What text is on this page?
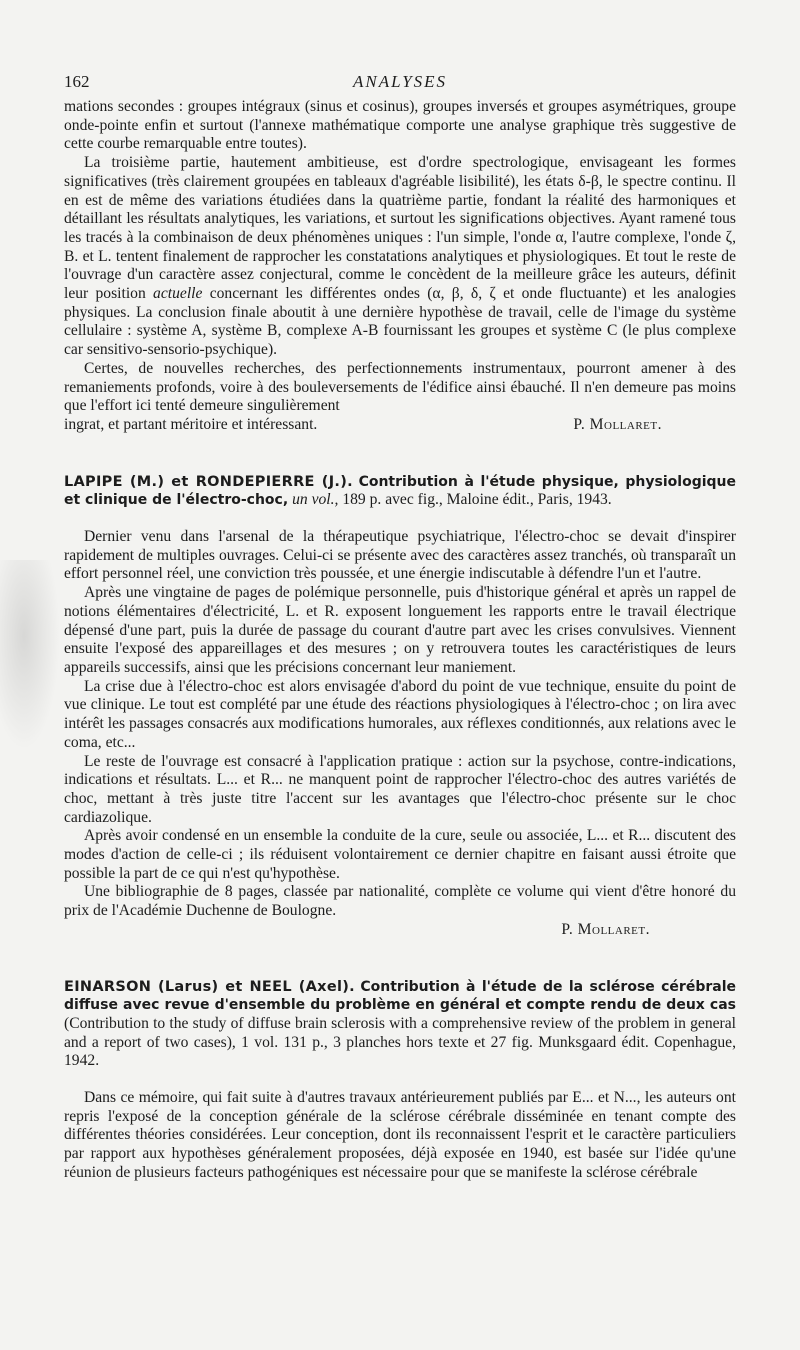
162	ANALYSES

mations secondes : groupes intégraux (sinus et cosinus), groupes inversés et groupes asymétriques, groupe onde-pointe enfin et surtout (l'annexe mathématique comporte une analyse graphique très suggestive de cette courbe remarquable entre toutes).

La troisième partie, hautement ambitieuse, est d'ordre spectrologique, envisageant les formes significatives (très clairement groupées en tableaux d'agréable lisibilité), les états δ-β, le spectre continu. Il en est de même des variations étudiées dans la quatrième partie, fondant la réalité des harmoniques et détaillant les résultats analytiques, les variations, et surtout les significations objectives. Ayant ramené tous les tracés à la combinaison de deux phénomènes uniques : l'un simple, l'onde α, l'autre complexe, l'onde ζ, B. et L. tentent finalement de rapprocher les constatations analytiques et physiologiques. Et tout le reste de l'ouvrage d'un caractère assez conjectural, comme le concèdent de la meilleure grâce les auteurs, définit leur position actuelle concernant les différentes ondes (α, β, δ, ζ et onde fluctuante) et les analogies physiques. La conclusion finale aboutit à une dernière hypothèse de travail, celle de l'image du système cellulaire : système A, système B, complexe A-B fournissant les groupes et système C (le plus complexe car sensitivo-sensorio-psychique).

Certes, de nouvelles recherches, des perfectionnements instrumentaux, pourront amener à des remaniements profonds, voire à des bouleversements de l'édifice ainsi ébauché. Il n'en demeure pas moins que l'effort ici tenté demeure singulièrement

ingrat, et partant méritoire et intéressant.	P. Mollaret.

LAPIPE (M.) et RONDEPIERRE (J.). Contribution à l'étude physique, physiologique et clinique de l'électro-choc, un vol., 189 p. avec fig., Maloine édit., Paris, 1943.

Dernier venu dans l'arsenal de la thérapeutique psychiatrique, l'électro-choc se devait d'inspirer rapidement de multiples ouvrages. Celui-ci se présente avec des caractères assez tranchés, où transparaît un effort personnel réel, une conviction très poussée, et une énergie indiscutable à défendre l'un et l'autre.

Après une vingtaine de pages de polémique personnelle, puis d'historique général et après un rappel de notions élémentaires d'électricité, L. et R. exposent longuement les rapports entre le travail électrique dépensé d'une part, puis la durée de passage du courant d'autre part avec les crises convulsives. Viennent ensuite l'exposé des appareillages et des mesures ; on y retrouvera toutes les caractéristiques de leurs appareils successifs, ainsi que les précisions concernant leur maniement.

La crise due à l'électro-choc est alors envisagée d'abord du point de vue technique, ensuite du point de vue clinique. Le tout est complété par une étude des réactions physiologiques à l'électro-choc ; on lira avec intérêt les passages consacrés aux modifications humorales, aux réflexes conditionnés, aux relations avec le coma, etc...

Le reste de l'ouvrage est consacré à l'application pratique : action sur la psychose, contre-indications, indications et résultats. L... et R... ne manquent point de rapprocher l'électro-choc des autres variétés de choc, mettant à très juste titre l'accent sur les avantages que l'électro-choc présente sur le choc cardiazolique.

Après avoir condensé en un ensemble la conduite de la cure, seule ou associée, L... et R... discutent des modes d'action de celle-ci ; ils réduisent volontairement ce dernier chapitre en faisant aussi étroite que possible la part de ce qui n'est qu'hypothèse.

Une bibliographie de 8 pages, classée par nationalité, complète ce volume qui vient d'être honoré du prix de l'Académie Duchenne de Boulogne.

P. Mollaret.

EINARSON (Larus) et NEEL (Axel). Contribution à l'étude de la sclérose cérébrale diffuse avec revue d'ensemble du problème en général et compte rendu de deux cas (Contribution to the study of diffuse brain sclerosis with a comprehensive review of the problem in general and a report of two cases), 1 vol. 131 p., 3 planches hors texte et 27 fig. Munksgaard édit. Copenhague, 1942.

Dans ce mémoire, qui fait suite à d'autres travaux antérieurement publiés par E... et N..., les auteurs ont repris l'exposé de la conception générale de la sclérose cérébrale disséminée en tenant compte des différentes théories considérées. Leur conception, dont ils reconnaissent l'esprit et le caractère particuliers par rapport aux hypothèses généralement proposées, déjà exposée en 1940, est basée sur l'idée qu'une réunion de plusieurs facteurs pathogéniques est nécessaire pour que se manifeste la sclérose cérébrale
